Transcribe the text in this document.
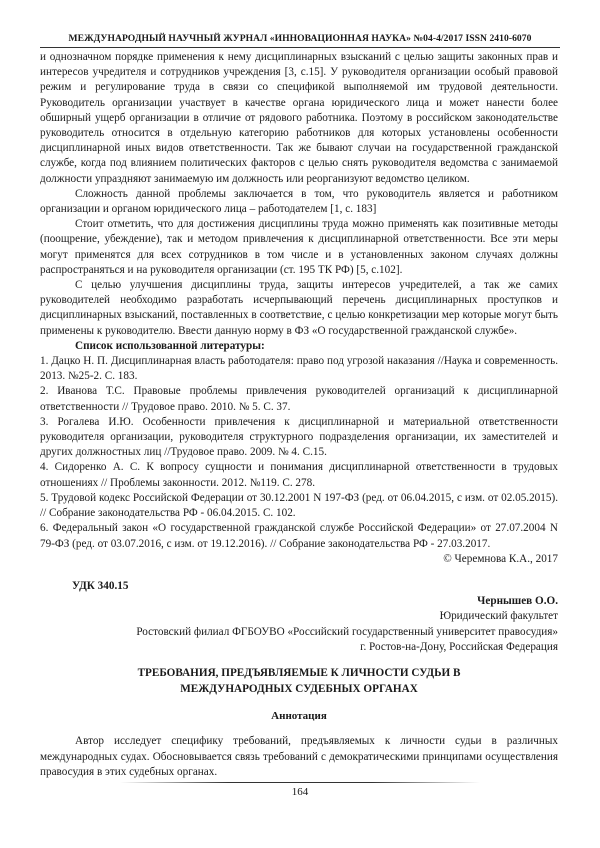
МЕЖДУНАРОДНЫЙ НАУЧНЫЙ ЖУРНАЛ «ИННОВАЦИОННАЯ НАУКА» №04-4/2017 ISSN 2410-6070

и однозначном порядке применения к нему дисциплинарных взысканий с целью защиты законных прав и интересов учредителя и сотрудников учреждения [3, с.15]. У руководителя организации особый правовой режим и регулирование труда в связи со спецификой выполняемой им трудовой деятельности. Руководитель организации участвует в качестве органа юридического лица и может нанести более обширный ущерб организации в отличие от рядового работника. Поэтому в российском законодательстве руководитель относится в отдельную категорию работников для которых установлены особенности дисциплинарной иных видов ответственности. Так же бывают случаи на государственной гражданской службе, когда под влиянием политических факторов с целью снять руководителя ведомства с занимаемой должности упраздняют занимаемую им должность или реорганизуют ведомство целиком.

Сложность данной проблемы заключается в том, что руководитель является и работником организации и органом юридического лица – работодателем [1, с. 183]

Стоит отметить, что для достижения дисциплины труда можно применять как позитивные методы (поощрение, убеждение), так и методом привлечения к дисциплинарной ответственности. Все эти меры могут применятся для всех сотрудников в том числе и в установленных законом случаях должны распространяться и на руководителя организации (ст. 195 ТК РФ) [5, с.102].

С целью улучшения дисциплины труда, защиты интересов учредителей, а так же самих руководителей необходимо разработать исчерпывающий перечень дисциплинарных проступков и дисциплинарных взысканий, поставленных в соответствие, с целью конкретизации мер которые могут быть применены к руководителю. Ввести данную норму в ФЗ «О государственной гражданской службе».

Список использованной литературы:

1. Дацко Н. П. Дисциплинарная власть работодателя: право под угрозой наказания //Наука и современность. 2013. №25-2. С. 183.

2. Иванова Т.С. Правовые проблемы привлечения руководителей организаций к дисциплинарной ответственности // Трудовое право. 2010. № 5. С. 37.

3. Рогалева И.Ю. Особенности привлечения к дисциплинарной и материальной ответственности руководителя организации, руководителя структурного подразделения организации, их заместителей и других должностных лиц //Трудовое право. 2009. № 4. С.15.

4. Сидоренко А. С. К вопросу сущности и понимания дисциплинарной ответственности в трудовых отношениях // Проблемы законности. 2012. №119. С. 278.

5. Трудовой кодекс Российской Федерации от 30.12.2001 N 197-ФЗ (ред. от 06.04.2015, с изм. от 02.05.2015). // Собрание законодательства РФ - 06.04.2015. С. 102.

6. Федеральный закон «О государственной гражданской службе Российской Федерации» от 27.07.2004 N 79-ФЗ (ред. от 03.07.2016, с изм. от 19.12.2016). // Собрание законодательства РФ - 27.03.2017.

© Черемнова К.А., 2017

УДК 340.15
Чернышев О.О.
Юридический факультет
Ростовский филиал ФГБОУВО «Российский государственный университет правосудия»
г. Ростов-на-Дону, Российская Федерация
ТРЕБОВАНИЯ, ПРЕДЪЯВЛЯЕМЫЕ К ЛИЧНОСТИ СУДЬИ В
МЕЖДУНАРОДНЫХ СУДЕБНЫХ ОРГАНАХ
Аннотация

Автор исследует специфику требований, предъявляемых к личности судьи в различных международных судах. Обосновывается связь требований с демократическими принципами осуществления правосудия в этих судебных органах.

164
